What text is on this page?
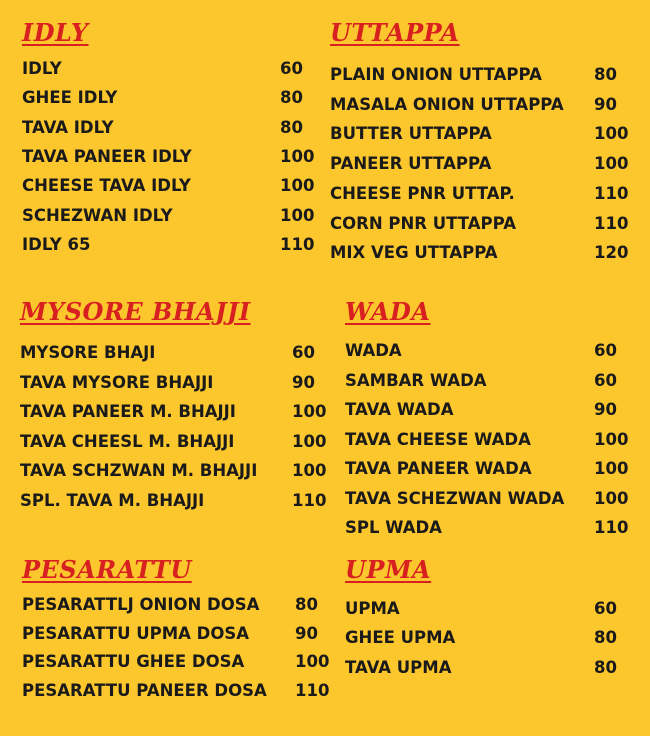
IDLY
IDLY	60
GHEE IDLY	80
TAVA IDLY	80
TAVA PANEER IDLY	100
CHEESE TAVA IDLY	100
SCHEZWAN IDLY	100
IDLY 65	110
UTTAPPA
PLAIN ONION UTTAPPA	80
MASALA ONION UTTAPPA 90
BUTTER UTTAPPA	100
PANEER UTTAPPA	100
CHEESE PNR UTTAP.	110
CORN PNR UTTAPPA	110
MIX VEG UTTAPPA	120
MYSORE BHAJJI
MYSORE BHAJI	60
TAVA MYSORE BHAJJI	90
TAVA PANEER M. BHAJJI	100
TAVA CHEESL M. BHAJJI	100
TAVA SCHZWAN M. BHAJJI 100
SPL. TAVA M. BHAJJI	110
WADA
WADA	60
SAMBAR WADA	60
TAVA WADA	90
TAVA CHEESE WADA	100
TAVA PANEER WADA	100
TAVA SCHEZWAN WADA 100
SPL WADA	110
PESARATTU
PESARATTLJ ONION DOSA 80
PESARATTU UPMA DOSA	90
PESARATTU GHEE DOSA	100
PESARATTU PANEER DOSA 110
UPMA
UPMA	60
GHEE UPMA	80
TAVA UPMA	80
